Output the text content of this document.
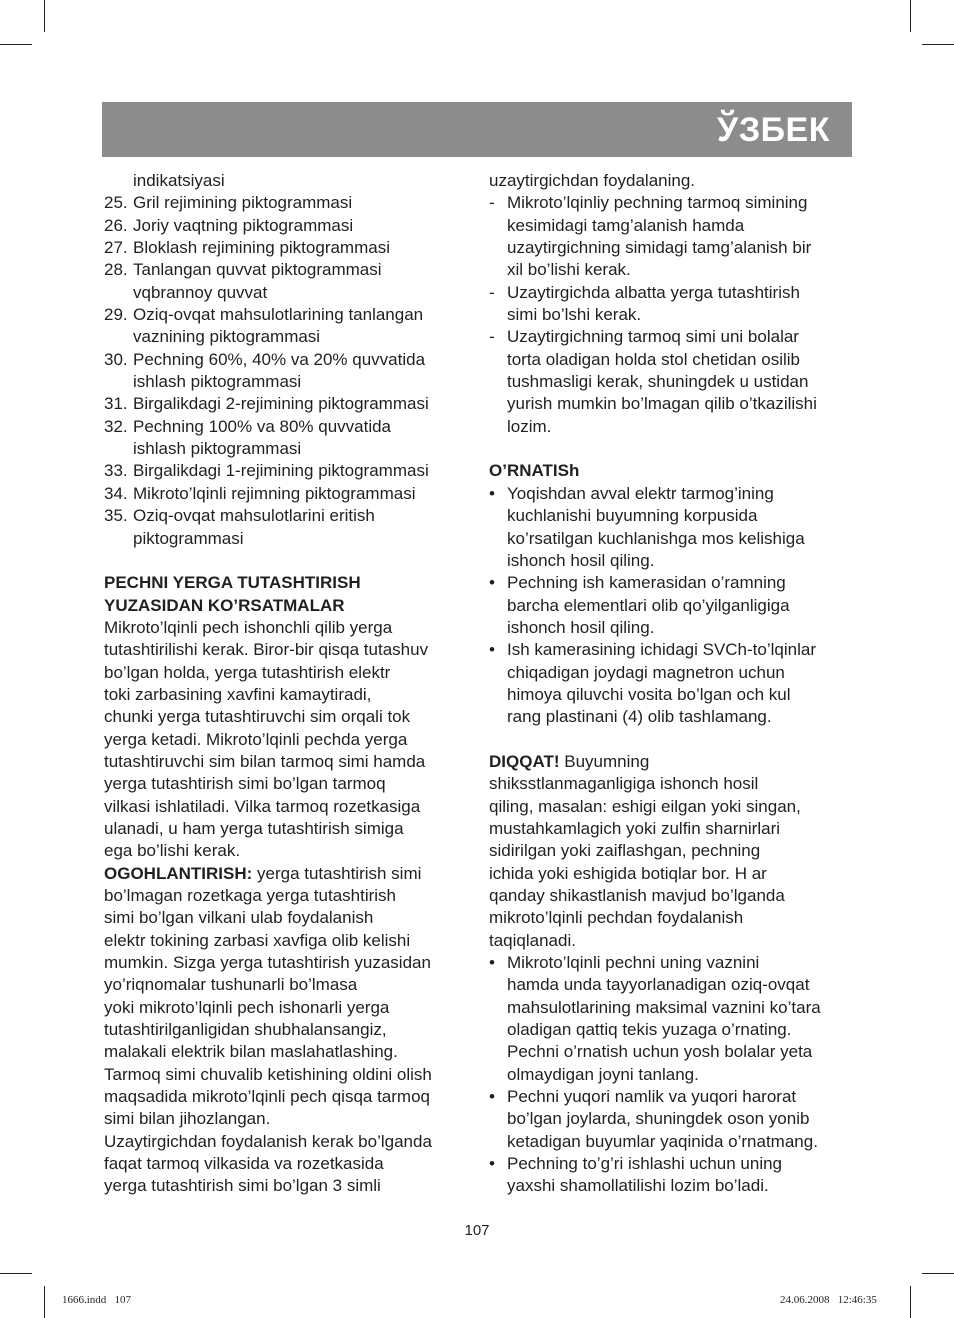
ЎЗБЕК
indikatsiyasi
25. Gril rejimining piktogrammasi
26. Joriy vaqtning piktogrammasi
27. Bloklash rejimining piktogrammasi
28. Tanlangan quvvat piktogrammasi
vqbrannoy quvvat
29. Oziq-ovqat mahsulotlarining tanlangan
vaznining piktogrammasi
30. Pechning 60%, 40% va 20% quvvatida
ishlash piktogrammasi
31. Birgalikdagi 2-rejimining piktogrammasi
32. Pechning 100% va 80% quvvatida
ishlash piktogrammasi
33. Birgalikdagi 1-rejimining piktogrammasi
34. Mikroto’lqinli rejimning piktogrammasi
35. Oziq-ovqat mahsulotlarini eritish
piktogrammasi
PECHNI YERGA TUTASHTIRISH
YUZASIDAN KO’RSATMALAR
Mikroto’lqinli pech ishonchli qilib yerga
tutashtirilishi kerak. Biror-bir qisqa tutashuv
bo’lgan holda, yerga tutashtirish elektr
toki zarbasining xavfini kamaytiradi,
chunki yerga tutashtiruvchi sim orqali tok
yerga ketadi. Mikroto’lqinli pechda yerga
tutashtiruvchi sim bilan tarmoq simi hamda
yerga tutashtirish simi bo’lgan tarmoq
vilkasi ishlatiladi. Vilka tarmoq rozetkasiga
ulanadi, u ham yerga tutashtirish simiga
ega bo’lishi kerak.
OGOHLANTIRISH: yerga tutashtirish simi
bo’lmagan rozetkaga yerga tutashtirish
simi bo’lgan vilkani ulab foydalanish
elektr tokining zarbasi xavfiga olib kelishi
mumkin. Sizga yerga tutashtirish yuzasidan
yo’riqnomalar tushunarli bo’lmasa
yoki mikroto’lqinli pech ishonarli yerga
tutashtirilganligidan shubhalansangiz,
malakali elektrik bilan maslahatlashing.
Tarmoq simi chuvalib ketishining oldini olish
maqsadida mikroto’lqinli pech qisqa tarmoq
simi bilan jihozlangan.
Uzaytirgichdan foydalanish kerak bo’lganda
faqat tarmoq vilkasida va rozetkasida
yerga tutashtirish simi bo’lgan 3 simli
uzaytirgichdan foydalaning.
- Mikroto’lqinliy pechning tarmoq simining
kesimidagi tamg’alanish hamda
uzaytirgichning simidagi tamg’alanish bir
xil bo’lishi kerak.
- Uzaytirgichda albatta yerga tutashtirish
simi bo’lshi kerak.
- Uzaytirgichning tarmoq simi uni bolalar
torta oladigan holda stol chetidan osilib
tushmasligi kerak, shuningdek u ustidan
yurish mumkin bo’lmagan qilib o’tkazilishi
lozim.
O’RNATISh
• Yoqishdan avval elektr tarmog’ining
kuchlanishi buyumning korpusida
ko’rsatilgan kuchlanishga mos kelishiga
ishonch hosil qiling.
• Pechning ish kamerasidan o’ramning
barcha elementlari olib qo’yilganligiga
ishonch hosil qiling.
• Ish kamerasining ichidagi SVCh-to’lqinlar
chiqadigan joydagi magnetron uchun
himoya qiluvchi vosita bo’lgan och kul
rang plastinani (4) olib tashlamang.
DIQQAT! Buyumning
shiksstlanmaganligiga ishonch hosil
qiling, masalan: eshigi eilgan yoki singan,
mustahkamlagich yoki zulfin sharnirlari
sidirilgan yoki zaiflashgan, pechning
ichida yoki eshigida botiqlar bor. H ar
qanday shikastlanish mavjud bo’lganda
mikroto’lqinli pechdan foydalanish
taqiqlanadi.
• Mikroto’lqinli pechni uning vaznini
hamda unda tayyorlanadigan oziq-ovqat
mahsulotlarining maksimal vaznini ko’tara
oladigan qattiq tekis yuzaga o’rnating.
Pechni o’rnatish uchun yosh bolalar yeta
olmaydigan joyni tanlang.
• Pechni yuqori namlik va yuqori harorat
bo’lgan joylarda, shuningdek oson yonib
ketadigan buyumlar yaqinida o’rnatmang.
• Pechning to’g’ri ishlashi uchun uning
yaxshi shamollatilishi lozim bo’ladi.
107
1666.indd   107	24.06.2008   12:46:35
